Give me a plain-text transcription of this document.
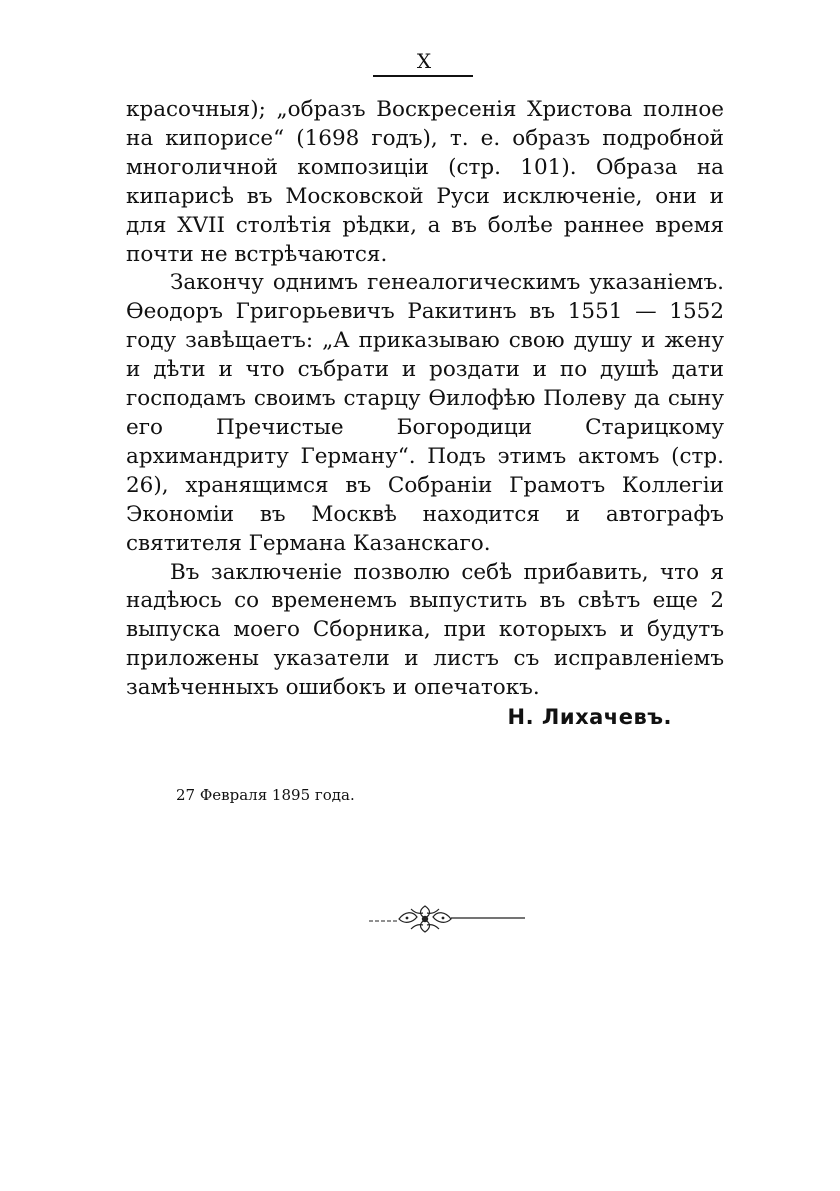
X

красочныя); „образъ Воскресенія Христова полное на кипорисе“ (1698 годъ), т. е. образъ подробной многоличной композиціи (стр. 101). Образа на кипарисѣ въ Московской Руси исключеніе, они и для XVII столѣтія рѣдки, а въ болѣе раннее время почти не встрѣчаются.

Закончу однимъ генеалогическимъ указаніемъ. Ѳеодоръ Григорьевичъ Ракитинъ въ 1551 — 1552 году завѣщаетъ: „А приказываю свою душу и жену и дѣти и что събрати и роздати и по душѣ дати господамъ своимъ старцу Ѳилофѣю Полеву да сыну его Пречистые Богородици Старицкому архимандриту Герману“. Подъ этимъ актомъ (стр. 26), хранящимся въ Собраніи Грамотъ Коллегіи Экономіи въ Москвѣ находится и автографъ святителя Германа Казанскаго.

Въ заключеніе позволю себѣ прибавить, что я надѣюсь со временемъ выпустить въ свѣтъ еще 2 выпуска моего Сборника, при которыхъ и будутъ приложены указатели и листъ съ исправленіемъ замѣченныхъ ошибокъ и опечатокъ.

Н. Лихачевъ.
27 Февраля 1895 года.
